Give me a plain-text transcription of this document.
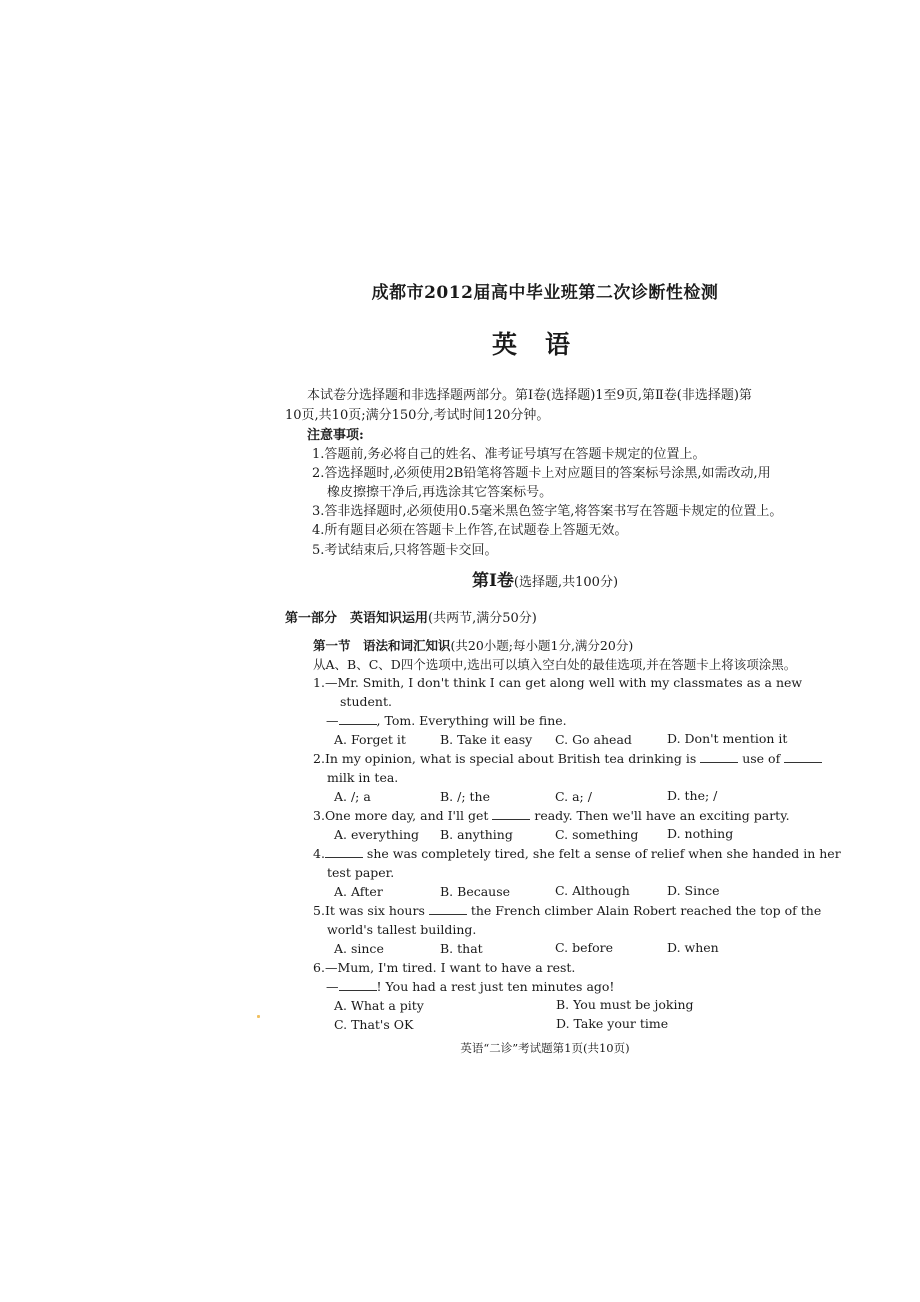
成都市2012届高中毕业班第二次诊断性检测
英语
本试卷分选择题和非选择题两部分。第Ⅰ卷(选择题)1至9页,第Ⅱ卷(非选择题)第
10页,共10页;满分150分,考试时间120分钟。
注意事项:
1.答题前,务必将自己的姓名、准考证号填写在答题卡规定的位置上。
2.答选择题时,必须使用2B铅笔将答题卡上对应题目的答案标号涂黑,如需改动,用
橡皮擦擦干净后,再选涂其它答案标号。
3.答非选择题时,必须使用0.5毫米黑色签字笔,将答案书写在答题卡规定的位置上。
4.所有题目必须在答题卡上作答,在试题卷上答题无效。
5.考试结束后,只将答题卡交回。
第Ⅰ卷(选择题,共100分)
第一部分　英语知识运用(共两节,满分50分)
第一节　语法和词汇知识(共20小题;每小题1分,满分20分)
从A、B、C、D四个选项中,选出可以填入空白处的最佳选项,并在答题卡上将该项涂黑。
1.—Mr. Smith, I don't think I can get along well with my classmates as a new
student.
—	, Tom. Everything will be fine.
A. Forget it	B. Take it easy C. Go ahead	D. Don't mention it
2.In my opinion, what is special about British tea drinking is	use of
milk in tea.
A. /; a	B. /; the	C. a; /	D. the; /
3.One more day, and I'll get	ready. Then we'll have an exciting party.
A. everything B. anything	C. something D. nothing
4.	she was completely tired, she felt a sense of relief when she handed in her
test paper.
A. After	B. Because	C. Although	D. Since
5.It was six hours	the French climber Alain Robert reached the top of the
world's tallest building.
A. since	B. that	C. before	D. when
6.—Mum, I'm tired. I want to have a rest.
—	! You had a rest just ten minutes ago!
A. What a pity	B. You must be joking
C. That's OK	D. Take your time
英语“二诊”考试题第1页(共10页)
